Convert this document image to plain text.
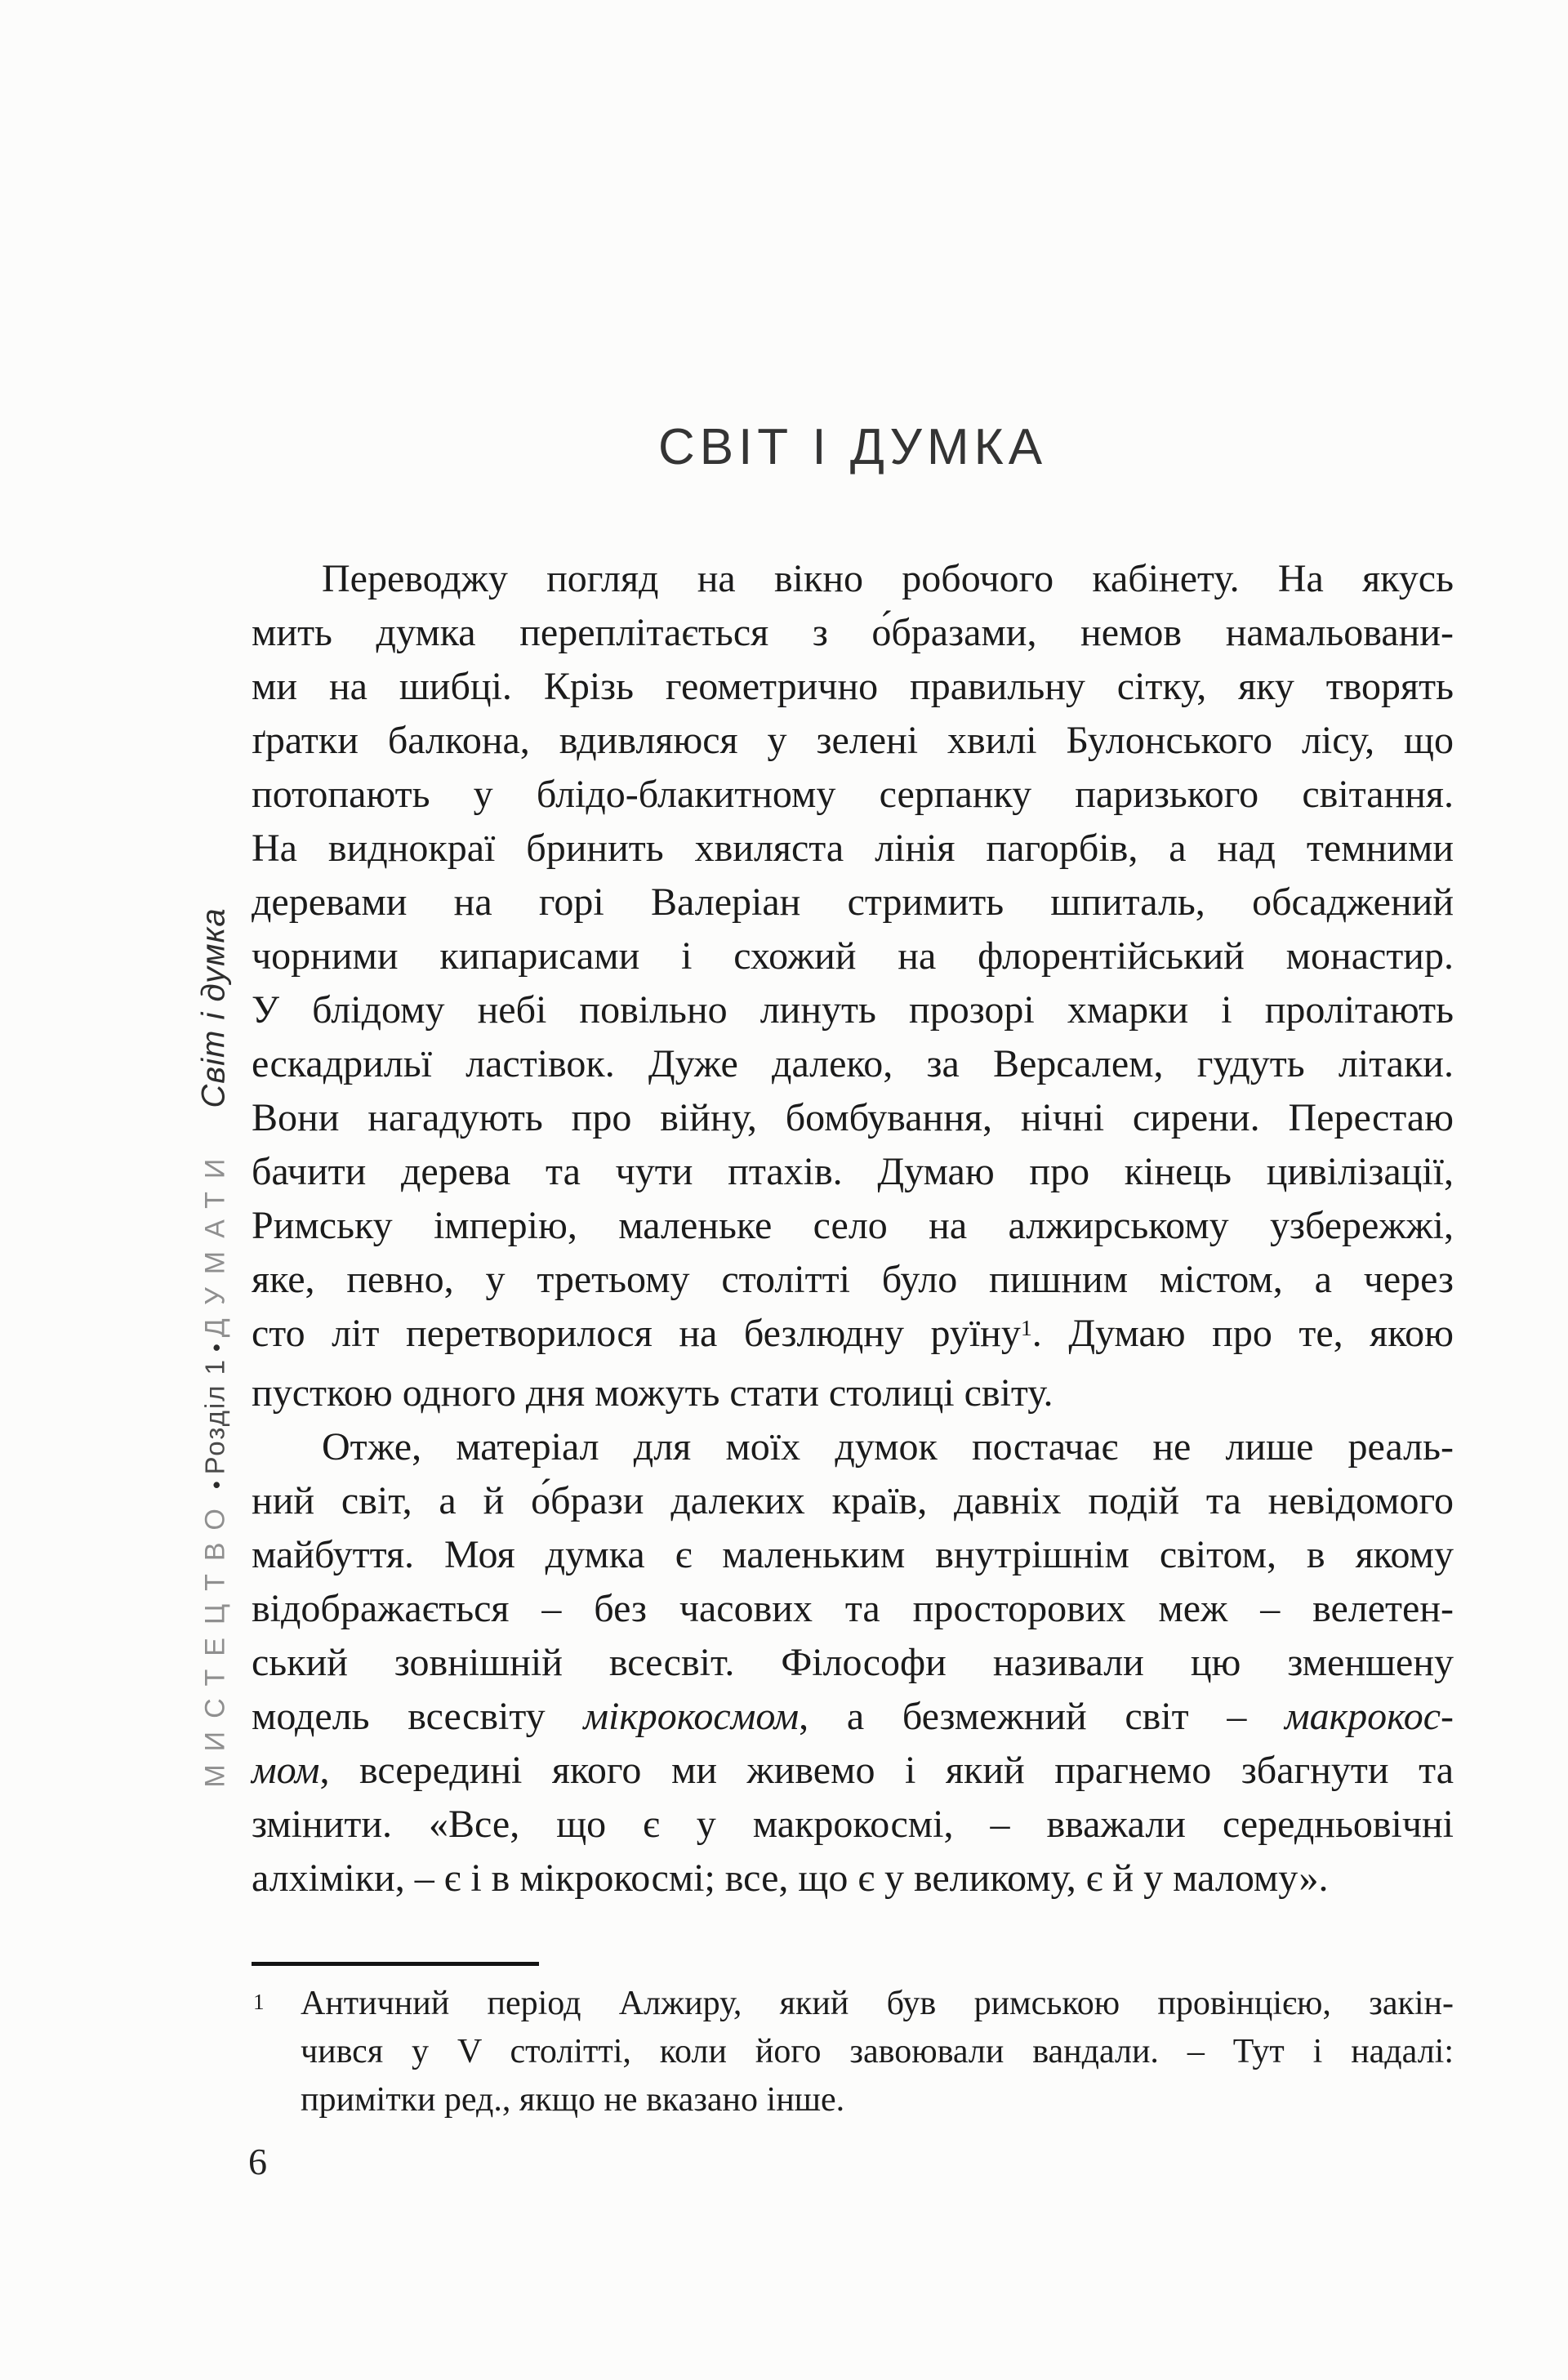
СВІТ І ДУМКА
МИСТЕЦТВО•Розділ 1•ДУМАТИ
Світ і думка
Переводжу погляд на вікно робочого кабінету. На якусь
мить думка переплітається з о́бразами, немов намальовани-
ми на шибці. Крізь геометрично правильну сітку, яку творять
ґратки балкона, вдивляюся у зелені хвилі Булонського лісу, що
потопають у блідо-блакитному серпанку паризького світання.
На виднокраї бринить хвиляста лінія пагорбів, а над темними
деревами на горі Валеріан стримить шпиталь, обсаджений
чорними кипарисами і схожий на флорентійський монастир.
У блідому небі повільно линуть прозорі хмарки і пролітають
ескадрильї ластівок. Дуже далеко, за Версалем, гудуть літаки.
Вони нагадують про війну, бомбування, нічні сирени. Перестаю
бачити дерева та чути птахів. Думаю про кінець цивілізації,
Римську імперію, маленьке село на алжирському узбережжі,
яке, певно, у третьому столітті було пишним містом, а через
сто літ перетворилося на безлюдну руїну$^1$. Думаю про те, якою
пусткою одного дня можуть стати столиці світу.
Отже, матеріал для моїх думок постачає не лише реаль-
ний світ, а й о́брази далеких країв, давніх подій та невідомого
майбуття. Моя думка є маленьким внутрішнім світом, в якому
відображається – без часових та просторових меж – велетен-
ський зовнішній всесвіт. Філософи називали цю зменшену
модель всесвіту мікрокосмом, а безмежний світ – макрокос-
мом, всередині якого ми живемо і який прагнемо збагнути та
змінити. «Все, що є у макрокосмі, – вважали середньовічні
алхіміки, – є і в мікрокосмі; все, що є у великому, є й у малому».
1	Античний період Алжиру, який був римською провінцією, закін-
чився у V столітті, коли його завоювали вандали. – Тут і надалі:
примітки ред., якщо не вказано інше.
6
